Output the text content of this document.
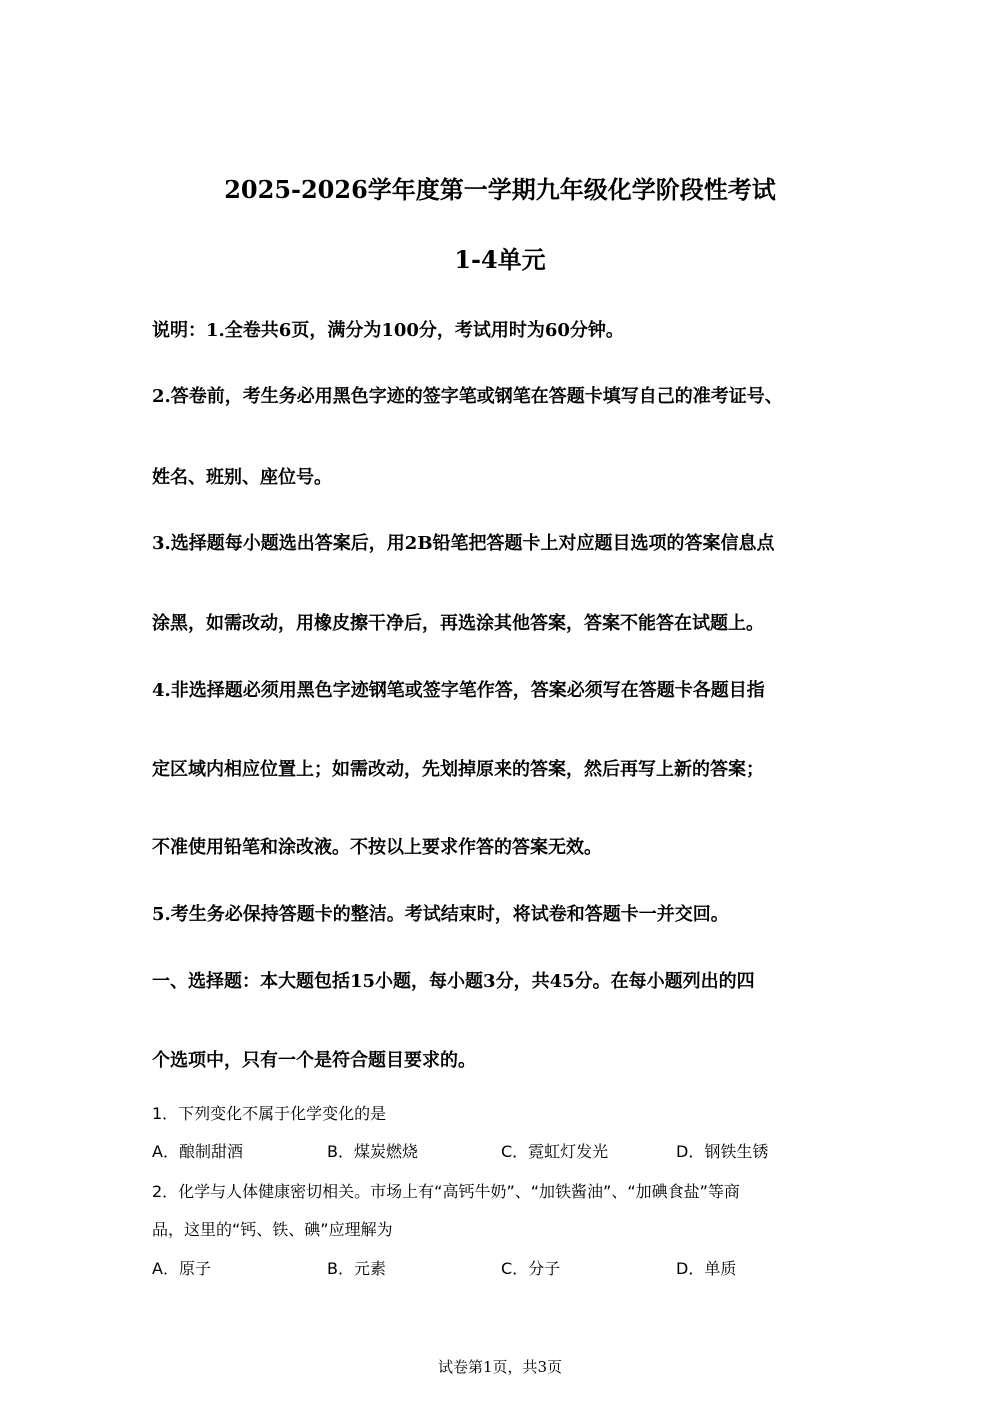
2025-2026学年度第一学期九年级化学阶段性考试
1-4单元
说明：1.全卷共6页，满分为100分，考试用时为60分钟。
2.答卷前，考生务必用黑色字迹的签字笔或钢笔在答题卡填写自己的准考证号、
姓名、班别、座位号。
3.选择题每小题选出答案后，用2B铅笔把答题卡上对应题目选项的答案信息点
涂黑，如需改动，用橡皮擦干净后，再选涂其他答案，答案不能答在试题上。
4.非选择题必须用黑色字迹钢笔或签字笔作答，答案必须写在答题卡各题目指
定区域内相应位置上；如需改动，先划掉原来的答案，然后再写上新的答案；
不准使用铅笔和涂改液。不按以上要求作答的答案无效。
5.考生务必保持答题卡的整洁。考试结束时，将试卷和答题卡一并交回。
一、选择题：本大题包括15小题，每小题3分，共45分。在每小题列出的四
个选项中，只有一个是符合题目要求的。
1．下列变化不属于化学变化的是
A．酿制甜酒	B．煤炭燃烧	C．霓虹灯发光	D．钢铁生锈
2．化学与人体健康密切相关。市场上有“高钙牛奶”、“加铁酱油”、“加碘食盐”等商
品，这里的“钙、铁、碘”应理解为
A．原子	B．元素	C．分子	D．单质
试卷第1页，共3页
